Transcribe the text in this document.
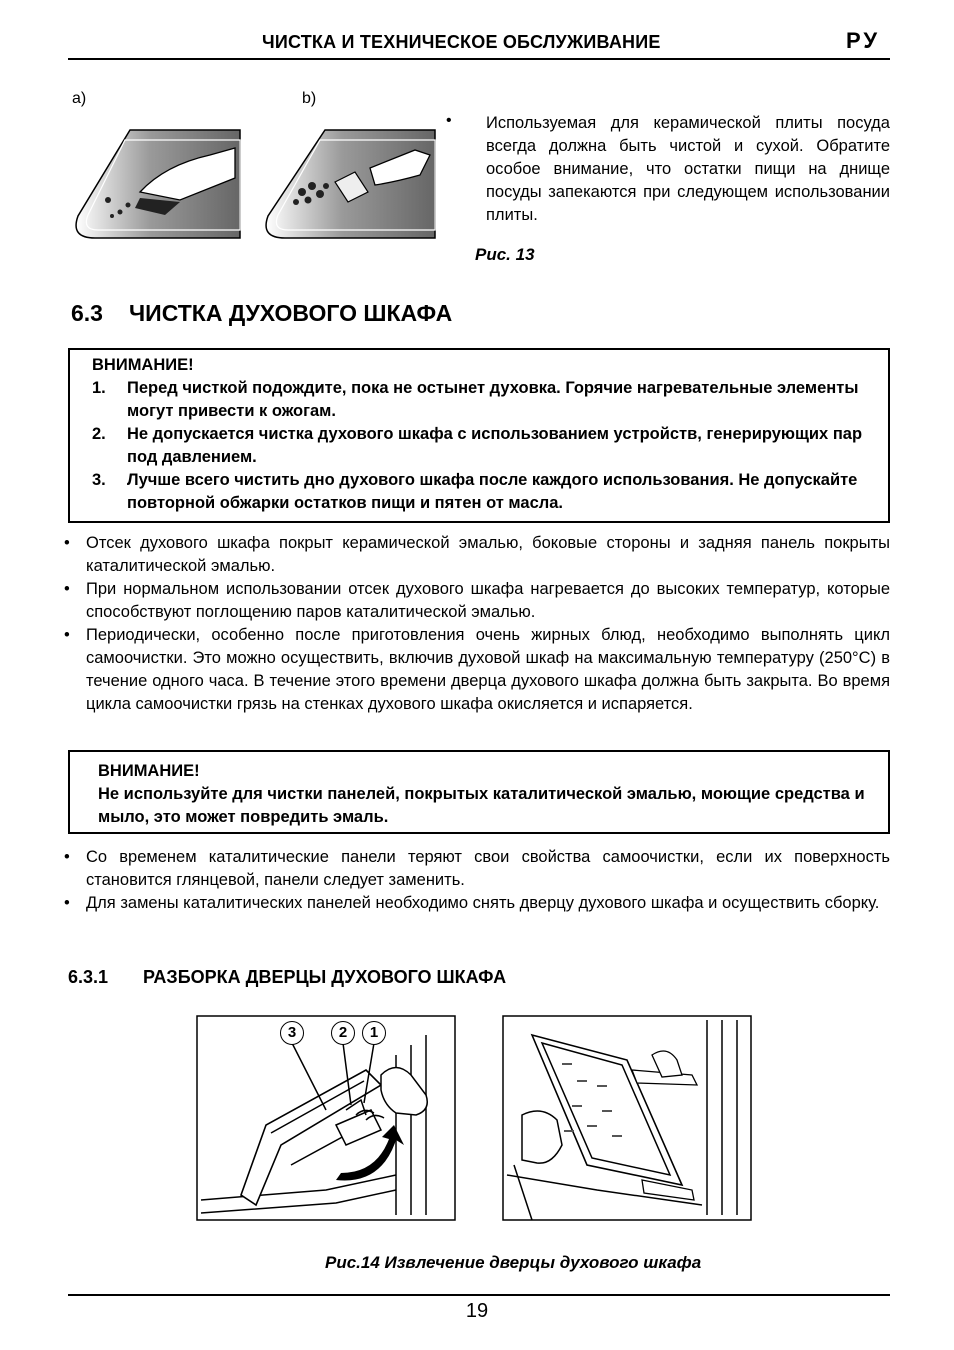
ЧИСТКА И ТЕХНИЧЕСКОЕ ОБСЛУЖИВАНИЕ	РУ
a)	b)
• Используемая для керамической плиты посуда всегда должна быть чистой и сухой. Обратите особое внимание, что остатки пищи на днище посуды запекаются при следующем использовании плиты.
Рис. 13
6.3 ЧИСТКА ДУХОВОГО ШКАФА
ВНИМАНИЕ!
1.	Перед чисткой подождите, пока не остынет духовка. Горячие нагревательные элементы могут привести к ожогам.
2.	Не допускается чистка духового шкафа с использованием устройств, генерирующих пар под давлением.
3.	Лучше всего чистить дно духового шкафа после каждого использования. Не допускайте повторной обжарки остатков пищи и пятен от масла.
• Отсек духового шкафа покрыт керамической эмалью, боковые стороны и задняя панель покрыты каталитической эмалью.
• При нормальном использовании отсек духового шкафа нагревается до высоких температур, которые способствуют поглощению паров каталитической эмалью.
• Периодически, особенно после приготовления очень жирных блюд, необходимо выполнять цикл самоочистки. Это можно осуществить, включив духовой шкаф на максимальную температуру (250°С) в течение одного часа. В течение этого времени дверца духового шкафа должна быть закрыта. Во время цикла самоочистки грязь на стенках духового шкафа окисляется и испаряется.
ВНИМАНИЕ!
Не используйте для чистки панелей, покрытых каталитической эмалью, моющие средства и мыло, это может повредить эмаль.
• Со временем каталитические панели теряют свои свойства самоочистки, если их поверхность становится глянцевой, панели следует заменить.
• Для замены каталитических панелей необходимо снять дверцу духового шкафа и осуществить сборку.
6.3.1 РАЗБОРКА ДВЕРЦЫ ДУХОВОГО ШКАФА
3	2	1
Рис.14 Извлечение дверцы духового шкафа
19
